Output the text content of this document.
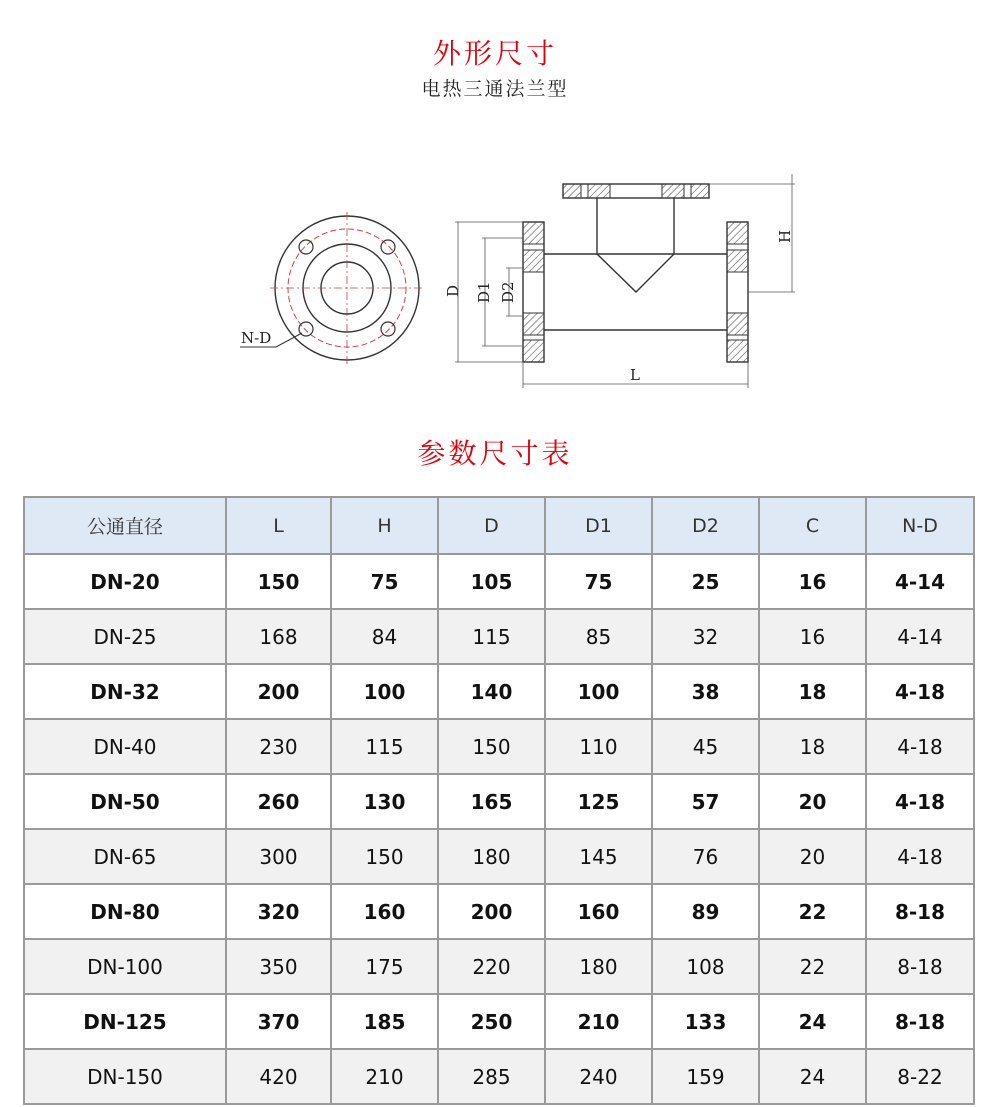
外形尺寸
电热三通法兰型
N-D
D D1 D2
H
L
参数尺寸表
公通直径	L	H	D	D1	D2	C	N-D
DN-20	150	75	105	75	25	16	4-14
DN-25	168	84	115	85	32	16	4-14
DN-32	200	100	140	100	38	18	4-18
DN-40	230	115	150	110	45	18	4-18
DN-50	260	130	165	125	57	20	4-18
DN-65	300	150	180	145	76	20	4-18
DN-80	320	160	200	160	89	22	8-18
DN-100	350	175	220	180	108	22	8-18
DN-125	370	185	250	210	133	24	8-18
DN-150	420	210	285	240	159	24	8-22
